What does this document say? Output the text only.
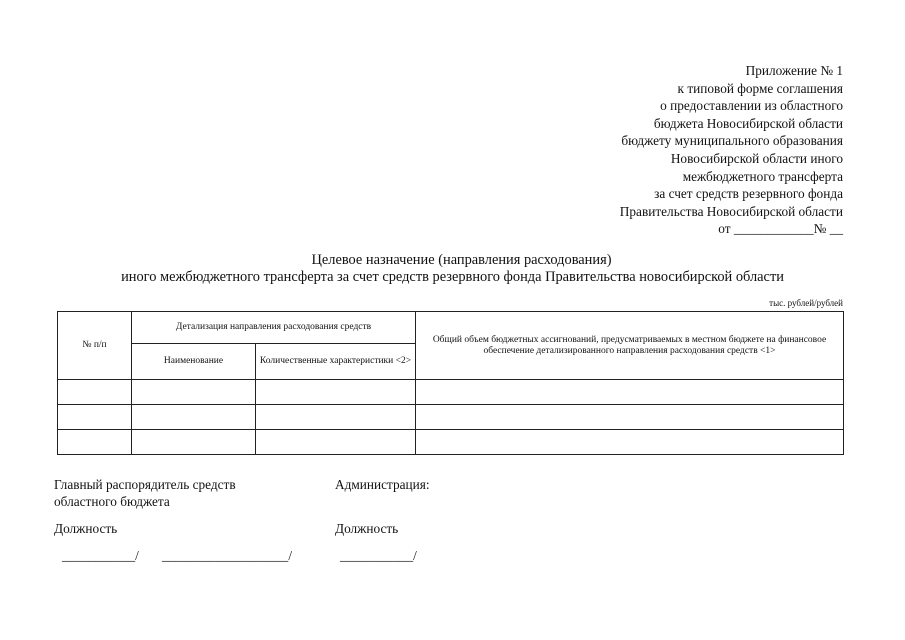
Приложение № 1
к типовой форме соглашения
о предоставлении из областного
бюджета Новосибирской области
бюджету муниципального образования
Новосибирской области иного
межбюджетного трансферта
за счет средств резервного фонда
Правительства Новосибирской области
от ____________№ __
Целевое назначение (направления расходования)
иного межбюджетного трансферта за счет средств резервного фонда Правительства новосибирской области
тыс. рублей/рублей
№ п/п	Детализация направления расходования средств		Общий объем бюджетных ассигнований, предусматриваемых в местном бюджете на финансовое обеспечение детализированного направления расходования средств <1>
	Наименование	Количественные характеристики <2>	

Главный распорядитель средств
областного бюджета
Администрация:
Должность	Должность
___________/ ___________________/	___________/
